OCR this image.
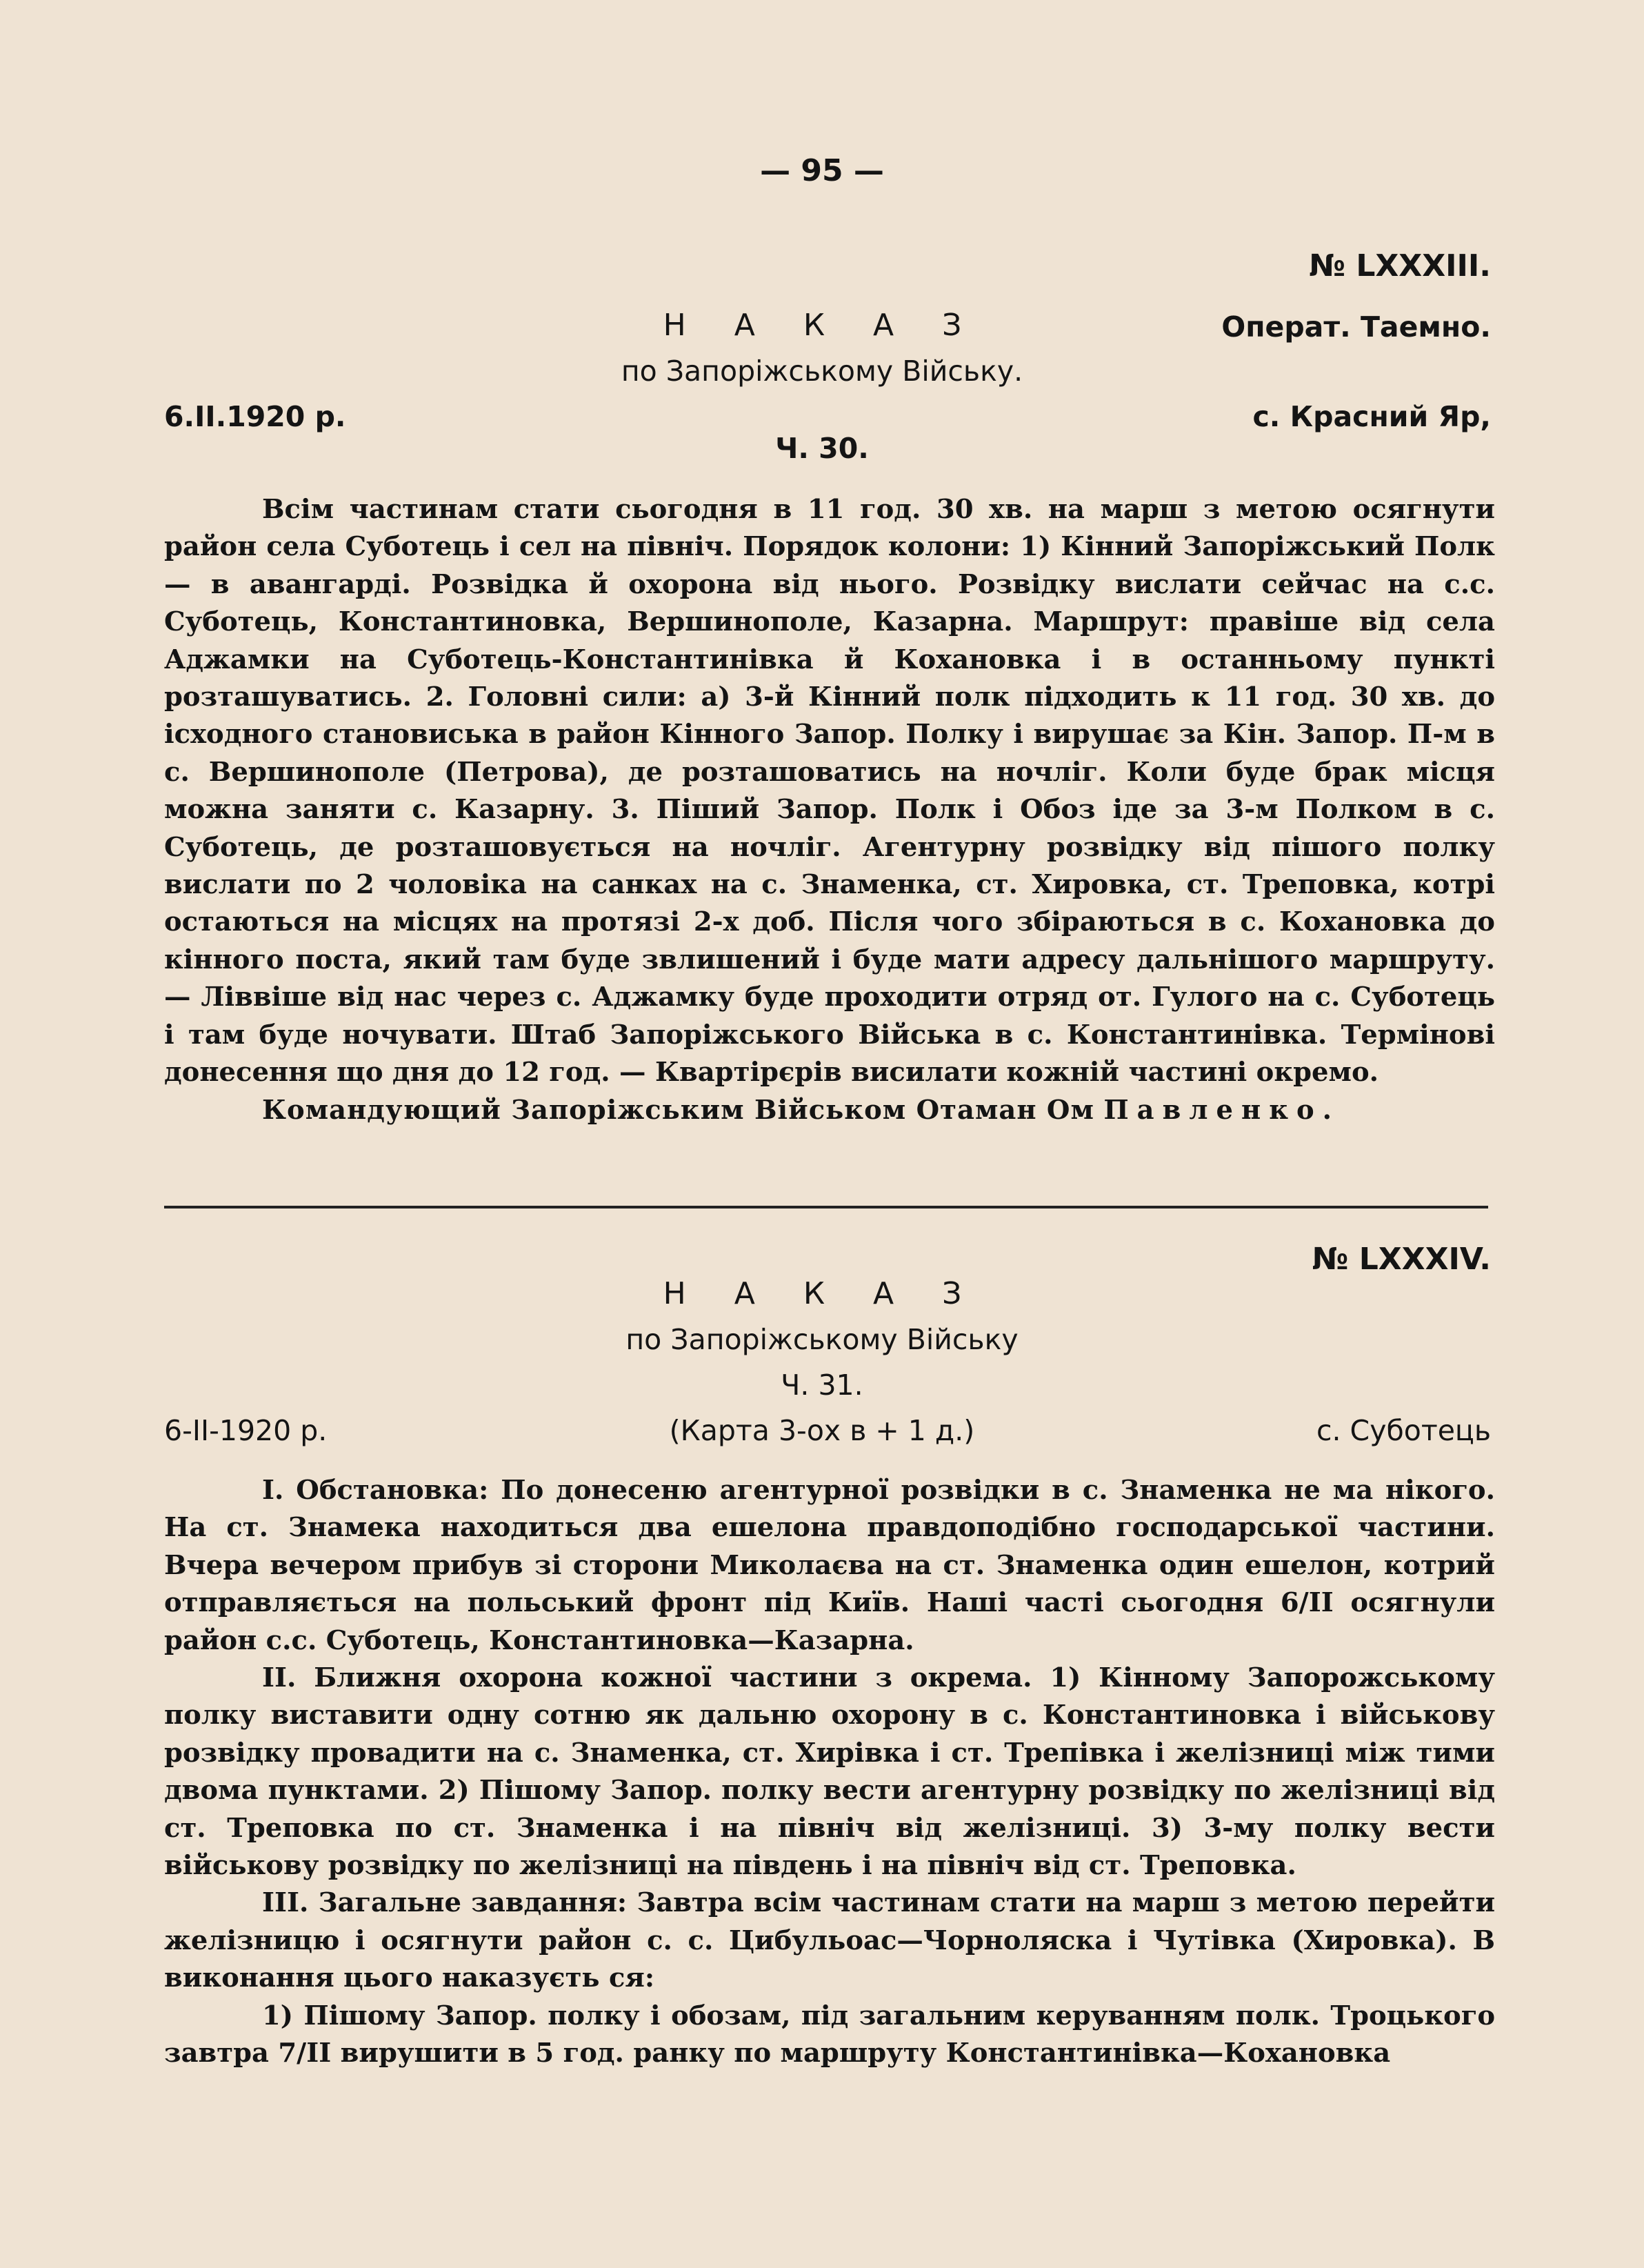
— 95 —
№ LXXXIII.
Н А К А З	Операт. Таемно.
по Запоріжському Війську.
6.II.1920 р.	с. Красний Яр,
Ч. 30.

Всім частинам стати сьогодня в 11 год. 30 хв. на марш з метою осягнути район села Суботець і сел на північ. Порядок колони: 1) Кінний Запоріжський Полк — в авангарді. Розвідка й охорона від нього. Розвідку вислати сейчас на с.с. Суботець, Константиновка, Вершинополе, Казарна. Маршрут: правіше від села Аджамки на Суботець-Константинівка й Кохановка і в останньому пункті розташуватись. 2. Головні сили: а) 3-й Кінний полк підходить к 11 год. 30 хв. до ісходного становиська в район Кінного Запор. Полку і вирушає за Кін. Запор. П-м в с. Вершинополе (Петрова), де розташоватись на ночліг. Коли буде брак місця можна заняти с. Казарну. 3. Піший Запор. Полк і Обоз іде за 3-м Полком в с. Суботець, де розташовується на ночліг. Агентурну розвідку від пішого полку вислати по 2 чоловіка на санках на с. Знаменка, ст. Хировка, ст. Треповка, котрі остаються на місцях на протязі 2-х доб. Після чого збіраються в с. Кохановка до кінного поста, який там буде звлишений і буде мати адресу дальнішого маршруту. — Ліввіше від нас через с. Аджамку буде проходити отряд от. Гулого на с. Суботець і там буде ночувати. Штаб Запоріжського Війська в с. Константинівка. Термінові донесення що дня до 12 год. — Квартірєрів висилати кожній частині окремо.

Командующий Запоріжським Військом Отаман Ом Павленко.

№ LXXXIV.
Н А К А З
по Запоріжському Війську
Ч. 31.
6-II-1920 р.	(Карта 3-ох в + 1 д.)	с. Суботець

I. Обстановка: По донесеню агентурної розвідки в с. Знаменка не ма нікого. На ст. Знамека находиться два ешелона правдоподібно господарської частини. Вчера вечером прибув зі сторони Миколаєва на ст. Знаменка один ешелон, котрий отправляється на польський фронт під Київ. Наші часті сьогодня 6/II осягнули район с.с. Суботець, Константиновка—Казарна.

II. Ближня охорона кожної частини з окрема. 1) Кінному Запорожському полку виставити одну сотню як дальню охорону в с. Константиновка і військову розвідку провадити на с. Знаменка, ст. Хирівка і ст. Трепівка і желізниці між тими двома пунктами. 2) Пішому Запор. полку вести агентурну розвідку по желізниці від ст. Треповка по ст. Знаменка і на північ від желізниці. 3) 3-му полку вести військову розвідку по желізниці на південь і на північ від ст. Треповка.

III. Загальне завдання: Завтра всім частинам стати на марш з метою перейти желізницю і осягнути район с. с. Цибульоас—Чорноляска і Чутівка (Хировка). В виконання цього наказуєть ся:

1) Пішому Запор. полку і обозам, під загальним керуванням полк. Троцького завтра 7/II вирушити в 5 год. ранку по маршруту Константинівка—Кохановка
